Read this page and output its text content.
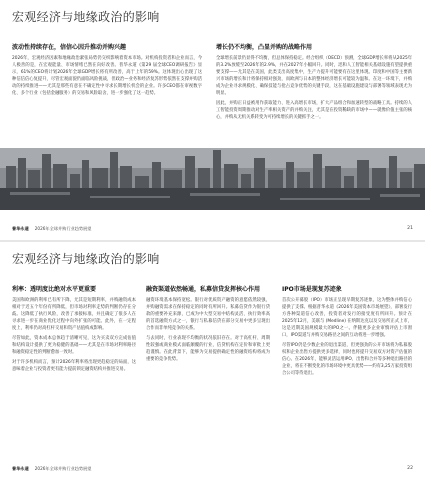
宏观经济与地缘政治的影响
波动性持续存在，信信心因升推动并购兴趣

2026年，宏观经济因素和地缘政治紧张局势仍交织影响着资本市场。对机构投资者和企业而言，今人极善的是，在宏观能量、市场情绪已然在向好改善。普华永道《第29 届全球CEO调研报告》显示，61%的CEO将计划2026年全球GDP增长将有所改善，高于上年的59%。这体现出心出现了这种信信信心复提升，尽管宏观面貌仍面临风险挑战，但政治—业务和经济复苏形势依然在支撑并购活动的持续推进——尤其是那些有意在不确定性中寻求长期增长机会的企业。许多CEO都在审视数字化、多个行业（包括金融服务）的交易和风险取舍，进一步强化了这一趋势。

增长仍不均衡，凸显并购的战略作用

全球增长前景仍显得不均衡，但总体保持稳定。经合组织（OECD）预测，全球GDP增长率将从2025年的3.2%放缓至2026年的2.9%，并在2027年小幅回升。同时，迅和人工智能相关基础设施有望提供重要支撑——尤其是在美国，此类支出高度集中，生产力提升可能要有在这里体现。印度和中国等主要新兴市场的增长和汁将保持相对强劲，而欧洲与日本的整体经济增长可能较为温和。在这一环境下，并购成为企业寻求规模化、确保技能与抢占竞争优势的关键手段，这在基础设施建设与部署等领域表现尤为明显。

因此，并购正日益被用作获取能力、进入高增长市场，扩大产品组合和加速转型的战略工具。持续的人工智能投资周期推动对生产率相关资产的并购关注，尤其是在投资稀缺的市场中——就像价值主张的核心，并购从无机关系转变为可持续增长的关键抓手之一。

普华永道 2026年全球并购行业趋势展望	21
宏观经济与地缘政治的影响
利率：透明度比绝对水平更重要

美国和欧洲的利率已有所下降，尤其是短期利率，并购融资成本相对于近五个年份有所降低，但市场对利率走势的判断仍存在分歧。这降低了执行风险，改善了承接标准，并且确定了很多人在寻求进一步在商业优化过程中向外扩张的可能。此外，在一定程度上，利率仍对高杠杆交易和资产估值构成影响。

尽管如此，资本成本总体趋于清晰可见，这为买卖双方完成估值和结构设计提供了更为稳健的基础——尤其是在市场对利率路径和融资稳定性的判断愈加一致时。

对于许多机构而言，预计2026年利率将出现更趋稳定的局面，这意味着企业与投资者更有能力提前锁定融资结构并推进交易。

融资渠道依然畅通，私募信贷发挥核心作用

融资环境基本保持宽松。银行对优质资产融资的意愿依然较强，并购融资需求在保持稳定的同时有所回升。私募信贷作为银行贷款的重要补充来源，已成为中大型交易中结构灵活、执行效率高的首选融资方式之一，银行与私募信贷在部分交易中更多呈现出合作而非单纯竞争的关系。

与去同时，行业表现不均衡的状况依旧存在。对于高杠杆、周期性较强或商业模式面临颠覆的行业，信贷机构在定价和审批上更趋谨慎。在此背景下，能够为交易提供确定性的融资结构将成为重要的竞争优势。

IPO市场是现复苏迹象

首次公开募股（IPO）市场正呈现早期复苏迹象，这为整体并购信心提供了支撑。根据普华永道《2026年美国资本市场展望》，部署发行方各种渠道信心改善，投资者对发行的接受度有所回升。预计在2025年12月，美联与 (Medline) 在纳斯达克以及交易所正式上市，这是近期美国规模最大的IPO之一。伴随更多企业审慎评估上市窗口，IPO渠道与并购交易路径之间的互动将进一步增强。

尽管IPO仍是少数企业的退出渠道，但更强劲的公开市场将为私募股权和企业出售方提供更多选择，同时也将提升交易双方对资产估值的信心。在2026年，能够灵活运用IPO、出售和合并等多种退出路径的企业，将在不断变化的市场环境中更具优势——约有3,25万家投资组合公司等待退出。

普华永道 2026年全球并购行业趋势展望	22
